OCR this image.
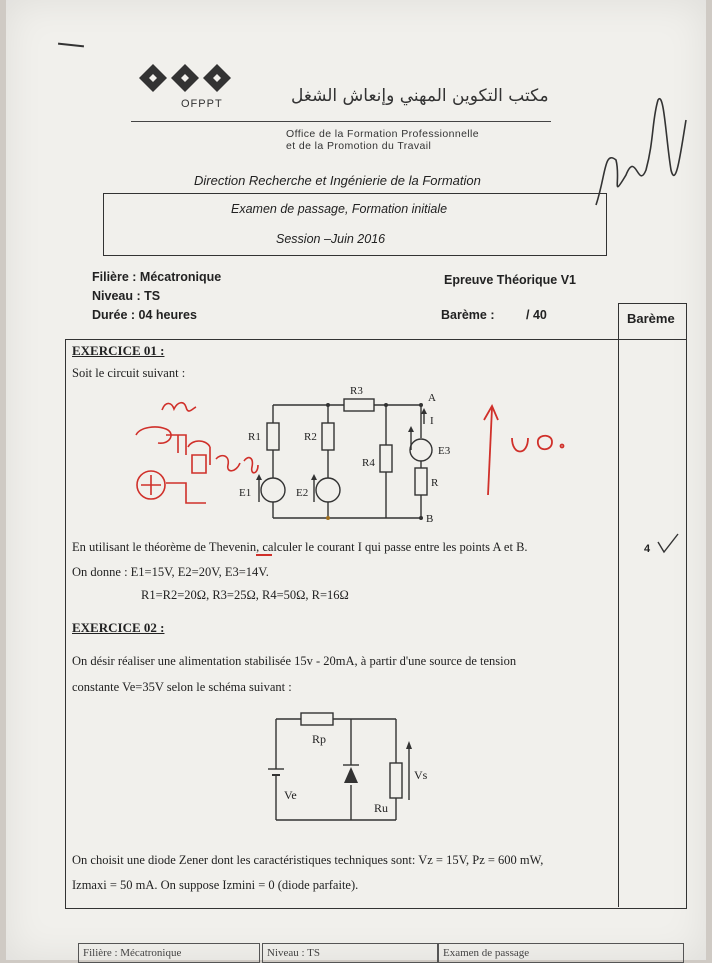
OFPPT	مكتب التكوين المهني وإنعاش الشغل
Office de la Formation Professionnelle
et de la Promotion du Travail
Direction Recherche et Ingénierie de la Formation
Examen de passage, Formation initiale
Session –Juin 2016
Filière : Mécatronique
Niveau : TS
Durée : 04 heures
Epreuve Théorique V1
Barème :	/ 40	Barème
EXERCICE 01 :
Soit le circuit suivant :
R1	R2
R3
R4
R
E1	E2
E3
A
B
I
En utilisant le théorème de Thevenin, calculer le courant I qui passe entre les points A et B.
On donne : E1=15V, E2=20V, E3=14V.
R1=R2=20Ω, R3=25Ω, R4=50Ω, R=16Ω
4
EXERCICE 02 :
On désir réaliser une alimentation stabilisée 15v - 20mA, à partir d'une source de tension
constante Ve=35V selon le schéma suivant :
Rp
Ve
Ru
Vs
On choisit une diode Zener dont les caractéristiques techniques sont: Vz = 15V, Pz = 600 mW,
Izmaxi = 50 mA. On suppose Izmini = 0 (diode parfaite).
Filière : Mécatronique	Niveau : TS	Examen de passage
